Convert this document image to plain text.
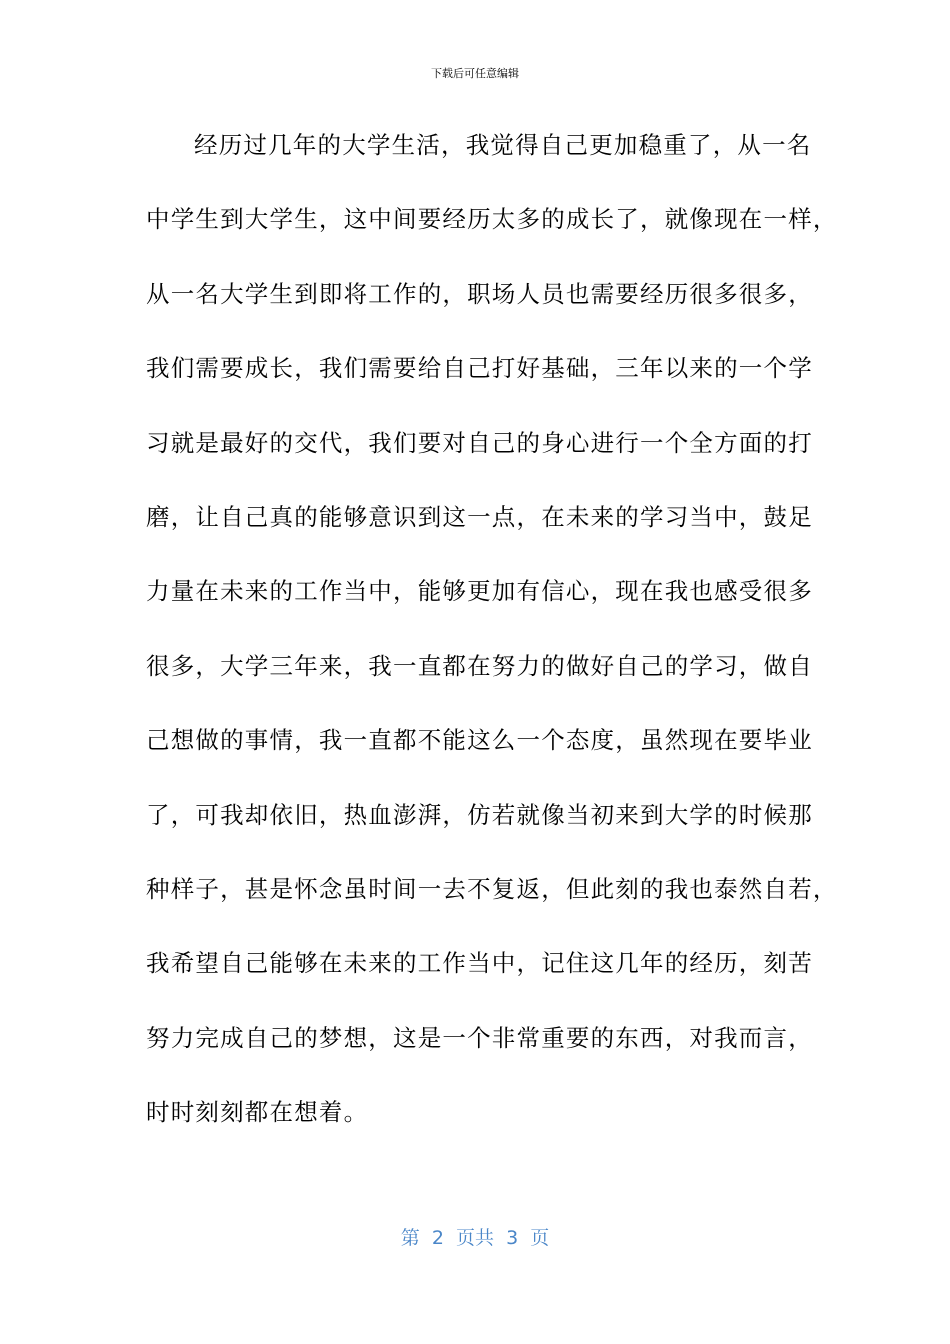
下载后可任意编辑
经历过几年的大学生活，我觉得自己更加稳重了，从一名
中学生到大学生，这中间要经历太多的成长了，就像现在一样，
从一名大学生到即将工作的，职场人员也需要经历很多很多，
我们需要成长，我们需要给自己打好基础，三年以来的一个学
习就是最好的交代，我们要对自己的身心进行一个全方面的打
磨，让自己真的能够意识到这一点，在未来的学习当中，鼓足
力量在未来的工作当中，能够更加有信心，现在我也感受很多
很多，大学三年来，我一直都在努力的做好自己的学习，做自
己想做的事情，我一直都不能这么一个态度，虽然现在要毕业
了，可我却依旧，热血澎湃，仿若就像当初来到大学的时候那
种样子，甚是怀念虽时间一去不复返，但此刻的我也泰然自若，
我希望自己能够在未来的工作当中，记住这几年的经历，刻苦
努力完成自己的梦想，这是一个非常重要的东西，对我而言，
时时刻刻都在想着。
第  2  页共  3  页
